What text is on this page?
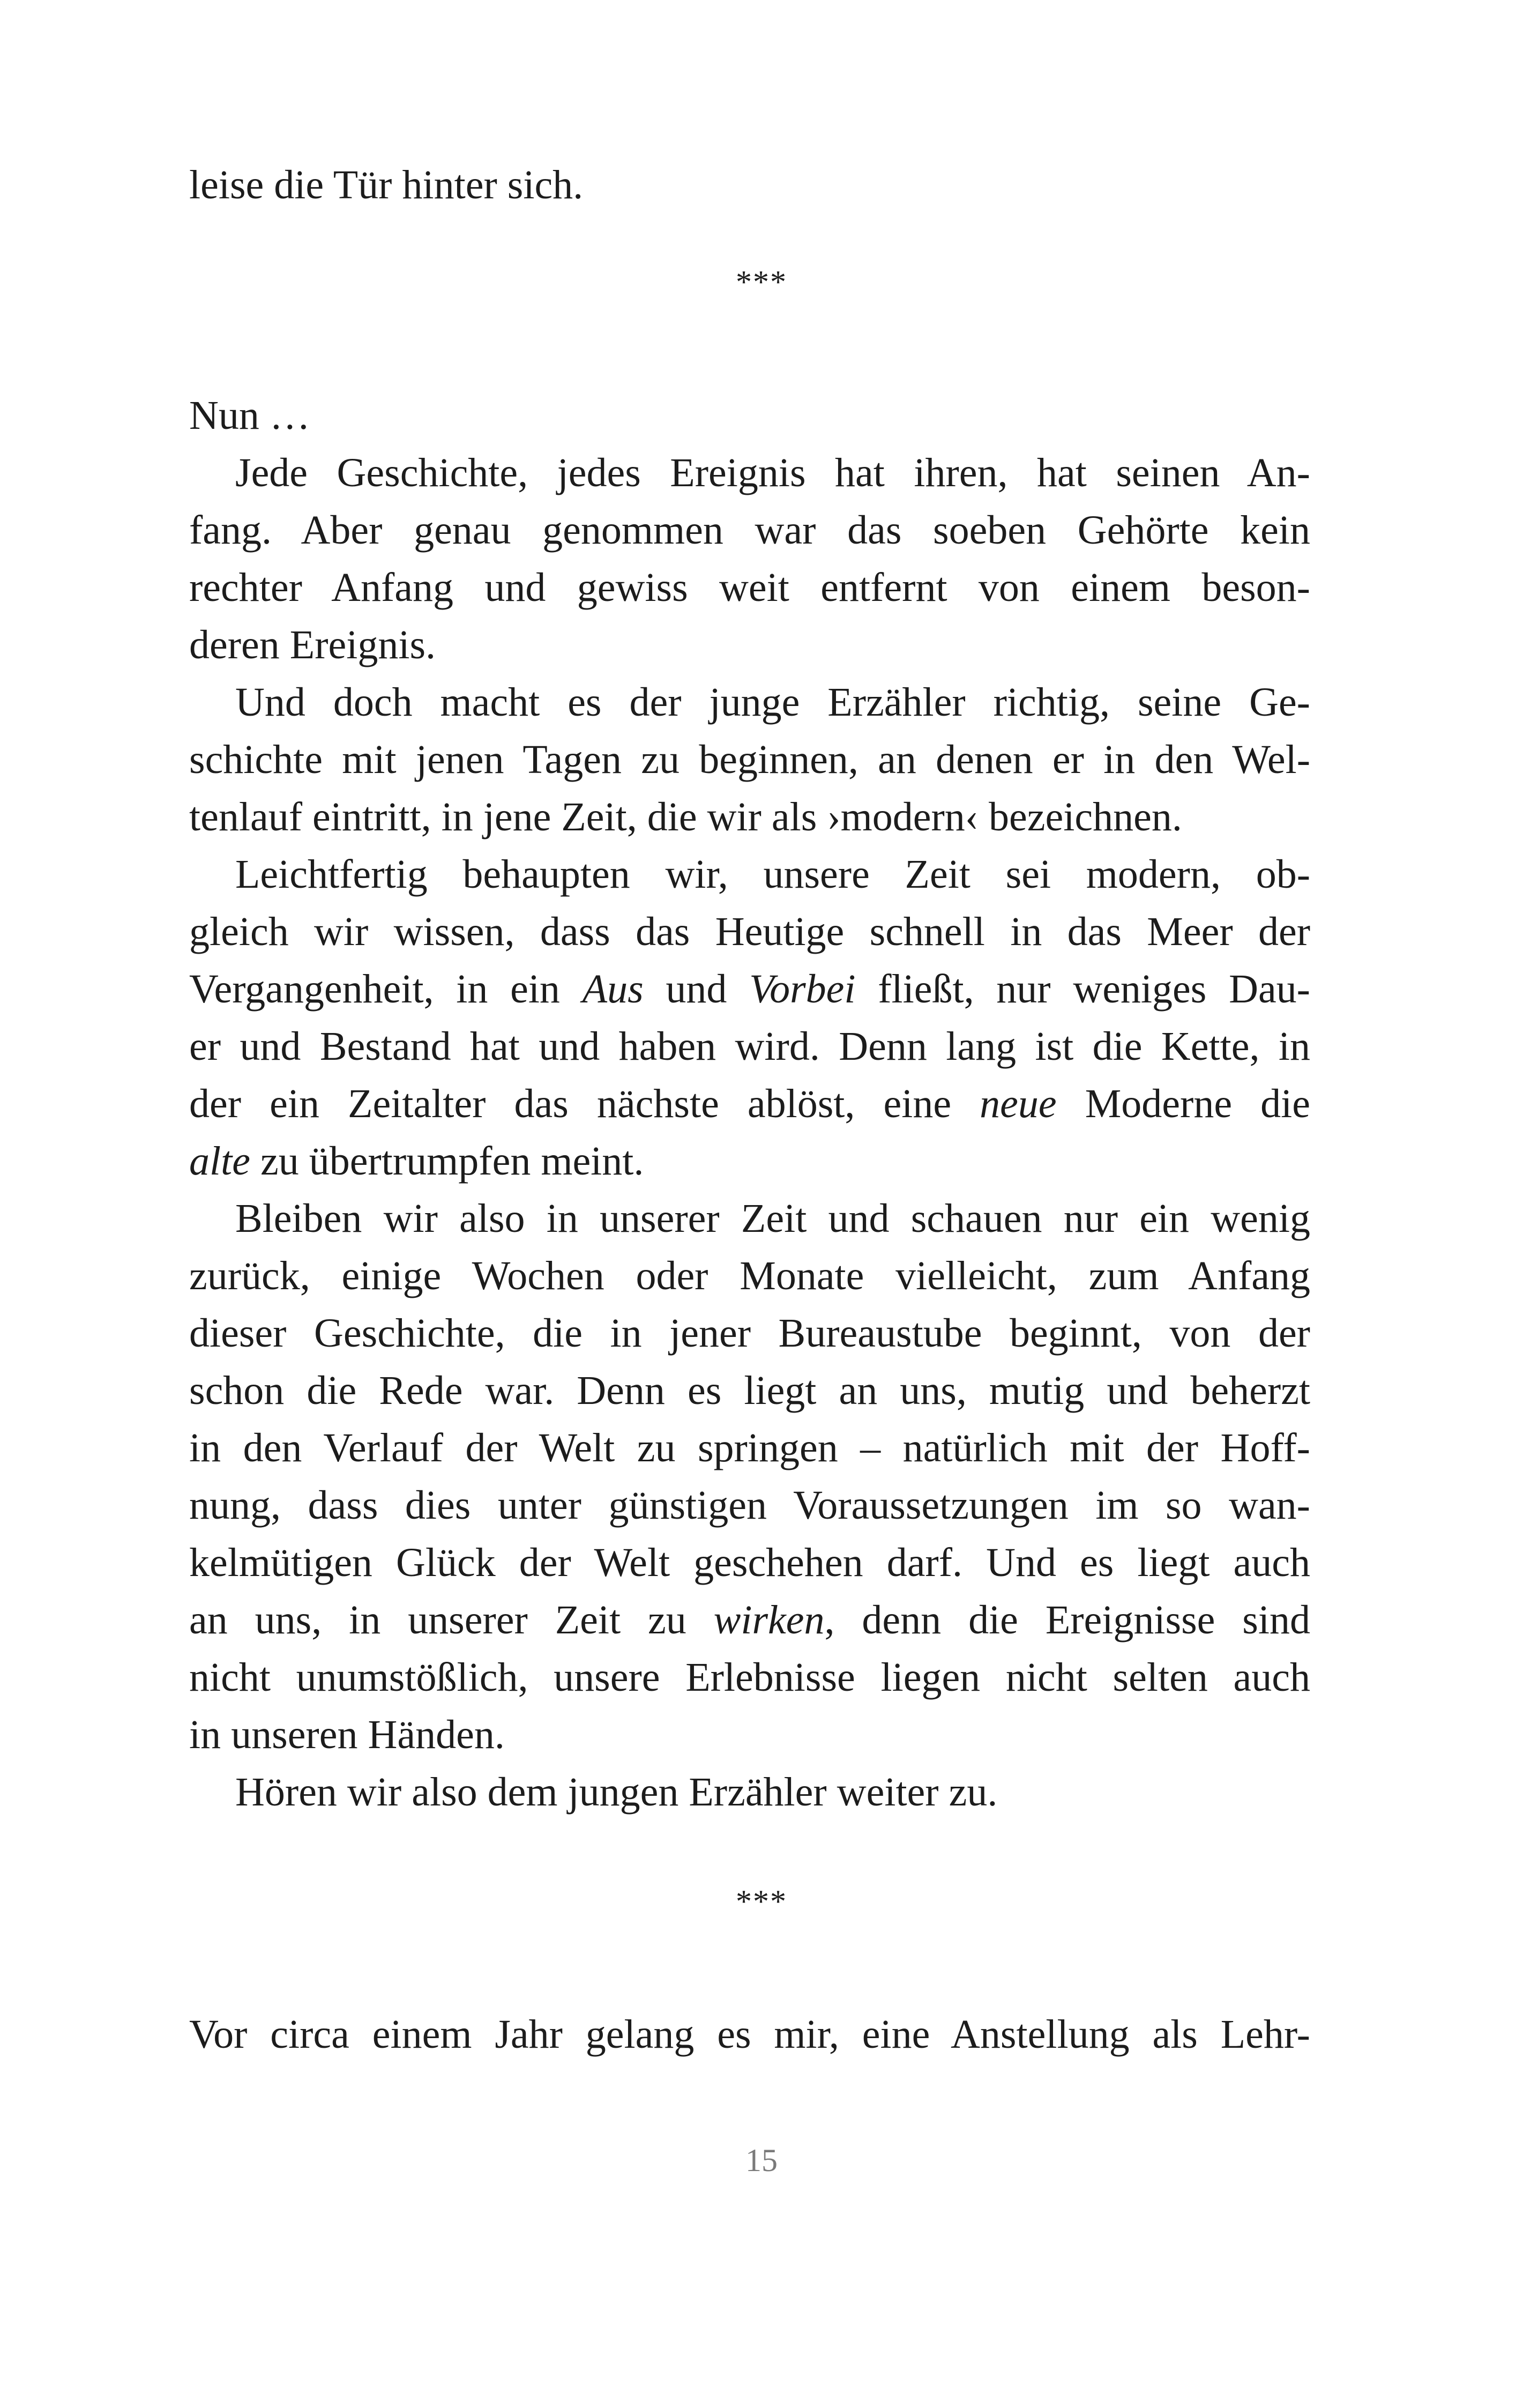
leise die Tür hinter sich.
***
Nun …
Jede Geschichte, jedes Ereignis hat ihren, hat seinen An-
fang. Aber genau genommen war das soeben Gehörte kein
rechter Anfang und gewiss weit entfernt von einem beson-
deren Ereignis.
Und doch macht es der junge Erzähler richtig, seine Ge-
schichte mit jenen Tagen zu beginnen, an denen er in den Wel-
tenlauf eintritt, in jene Zeit, die wir als ›modern‹ bezeichnen.
Leichtfertig behaupten wir, unsere Zeit sei modern, ob-
gleich wir wissen, dass das Heutige schnell in das Meer der
Vergangenheit, in ein Aus und Vorbei fließt, nur weniges Dau-
er und Bestand hat und haben wird. Denn lang ist die Kette, in
der ein Zeitalter das nächste ablöst, eine neue Moderne die
alte zu übertrumpfen meint.
Bleiben wir also in unserer Zeit und schauen nur ein wenig
zurück, einige Wochen oder Monate vielleicht, zum Anfang
dieser Geschichte, die in jener Bureaustube beginnt, von der
schon die Rede war. Denn es liegt an uns, mutig und beherzt
in den Verlauf der Welt zu springen – natürlich mit der Hoff-
nung, dass dies unter günstigen Voraussetzungen im so wan-
kelmütigen Glück der Welt geschehen darf. Und es liegt auch
an uns, in unserer Zeit zu wirken, denn die Ereignisse sind
nicht unumstößlich, unsere Erlebnisse liegen nicht selten auch
in unseren Händen.
Hören wir also dem jungen Erzähler weiter zu.
***
Vor circa einem Jahr gelang es mir, eine Anstellung als Lehr-
15
